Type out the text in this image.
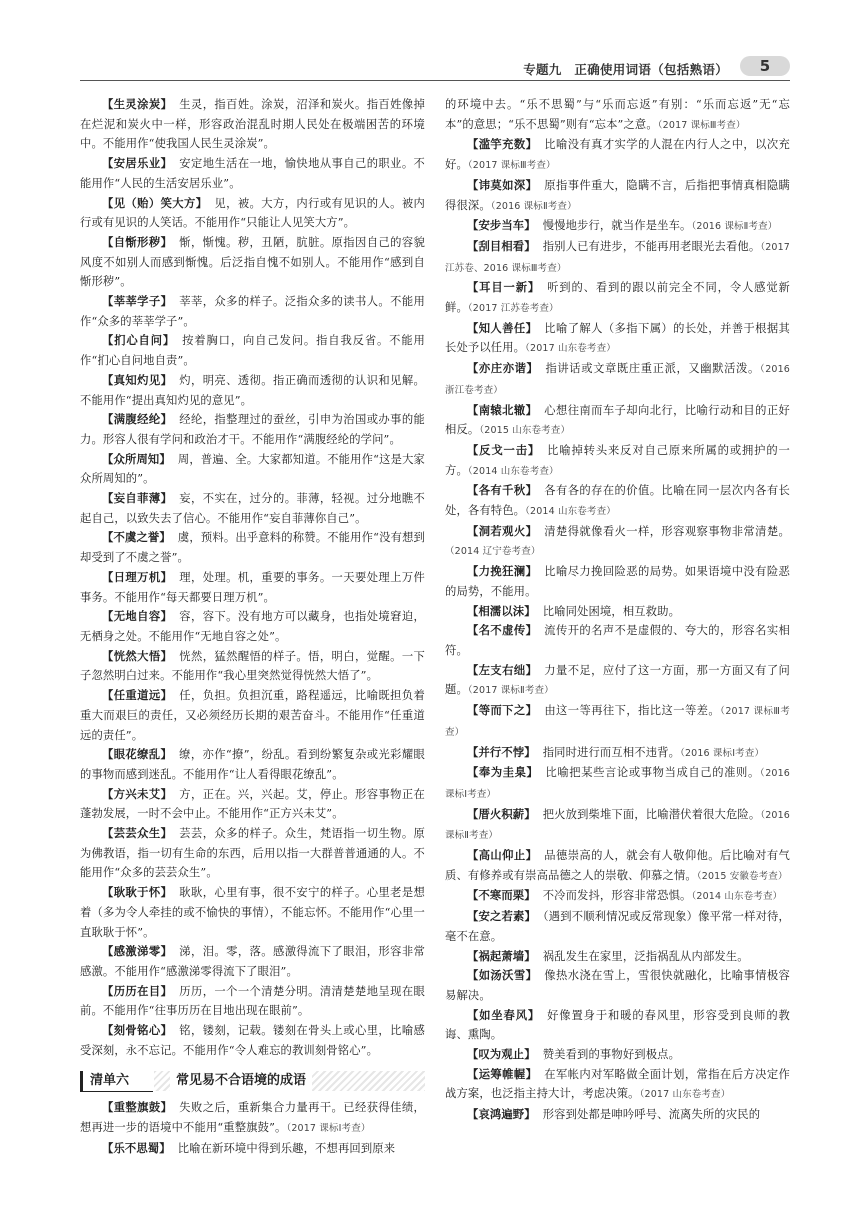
专题九　正确使用词语（包括熟语）	5

【生灵涂炭】 生灵，指百姓。涂炭，沼泽和炭火。指百姓像掉在烂泥和炭火中一样，形容政治混乱时期人民处在极端困苦的环境中。不能用作“使我国人民生灵涂炭”。

【安居乐业】 安定地生活在一地，愉快地从事自己的职业。不能用作“人民的生活安居乐业”。

【见（贻）笑大方】 见，被。大方，内行或有见识的人。被内行或有见识的人笑话。不能用作“只能让人见笑大方”。

【自惭形秽】 惭，惭愧。秽，丑陋，肮脏。原指因自己的容貌风度不如别人而感到惭愧。后泛指自愧不如别人。不能用作“感到自惭形秽”。

【莘莘学子】 莘莘，众多的样子。泛指众多的读书人。不能用作“众多的莘莘学子”。

【扪心自问】 按着胸口，向自己发问。指自我反省。不能用作“扪心自问地自责”。

【真知灼见】 灼，明亮、透彻。指正确而透彻的认识和见解。不能用作“提出真知灼见的意见”。

【满腹经纶】 经纶，指整理过的蚕丝，引申为治国或办事的能力。形容人很有学问和政治才干。不能用作“满腹经纶的学问”。

【众所周知】 周，普遍、全。大家都知道。不能用作“这是大家众所周知的”。

【妄自菲薄】 妄，不实在，过分的。菲薄，轻视。过分地瞧不起自己，以致失去了信心。不能用作“妄自菲薄你自己”。

【不虞之誉】 虞，预料。出乎意料的称赞。不能用作“没有想到却受到了不虞之誉”。

【日理万机】 理，处理。机，重要的事务。一天要处理上万件事务。不能用作“每天都要日理万机”。

【无地自容】 容，容下。没有地方可以藏身，也指处境窘迫，无栖身之处。不能用作“无地自容之处”。

【恍然大悟】 恍然，猛然醒悟的样子。悟，明白，觉醒。一下子忽然明白过来。不能用作“我心里突然觉得恍然大悟了”。

【任重道远】 任，负担。负担沉重，路程遥远，比喻既担负着重大而艰巨的责任，又必须经历长期的艰苦奋斗。不能用作“任重道远的责任”。

【眼花缭乱】 缭，亦作“撩”，纷乱。看到纷繁复杂或光彩耀眼的事物而感到迷乱。不能用作“让人看得眼花缭乱”。

【方兴未艾】 方，正在。兴，兴起。艾，停止。形容事物正在蓬勃发展，一时不会中止。不能用作“正方兴未艾”。

【芸芸众生】 芸芸，众多的样子。众生，梵语指一切生物。原为佛教语，指一切有生命的东西，后用以指一大群普普通通的人。不能用作“众多的芸芸众生”。

【耿耿于怀】 耿耿，心里有事，很不安宁的样子。心里老是想着（多为令人牵挂的或不愉快的事情），不能忘怀。不能用作“心里一直耿耿于怀”。

【感激涕零】 涕，泪。零，落。感激得流下了眼泪，形容非常感激。不能用作“感激涕零得流下了眼泪”。

【历历在目】 历历，一个一个清楚分明。清清楚楚地呈现在眼前。不能用作“往事历历在目地出现在眼前”。

【刻骨铭心】 铭，镂刻，记载。镂刻在骨头上或心里，比喻感受深刻，永不忘记。不能用作“令人难忘的教训刻骨铭心”。

清单六	常见易不合语境的成语

【重整旗鼓】 失败之后，重新集合力量再干。已经获得佳绩，想再进一步的语境中不能用“重整旗鼓”。（2017 课标Ⅰ考查）

【乐不思蜀】 比喻在新环境中得到乐趣，不想再回到原来

的环境中去。“乐不思蜀”与“乐而忘返”有别：“乐而忘返”无“忘本”的意思；“乐不思蜀”则有“忘本”之意。（2017 课标Ⅲ考查）

【滥竽充数】 比喻没有真才实学的人混在内行人之中，以次充好。（2017 课标Ⅲ考查）

【讳莫如深】 原指事件重大，隐瞒不言，后指把事情真相隐瞒得很深。（2016 课标Ⅱ考查）

【安步当车】 慢慢地步行，就当作是坐车。（2016 课标Ⅱ考查）

【刮目相看】 指别人已有进步，不能再用老眼光去看他。（2017 江苏卷、2016 课标Ⅲ考查）

【耳目一新】 听到的、看到的跟以前完全不同，令人感觉新鲜。（2017 江苏卷考查）

【知人善任】 比喻了解人（多指下属）的长处，并善于根据其长处予以任用。（2017 山东卷考查）

【亦庄亦谐】 指讲话或文章既庄重正派，又幽默活泼。（2016 浙江卷考查）

【南辕北辙】 心想往南而车子却向北行，比喻行动和目的正好相反。（2015 山东卷考查）

【反戈一击】 比喻掉转头来反对自己原来所属的或拥护的一方。（2014 山东卷考查）

【各有千秋】 各有各的存在的价值。比喻在同一层次内各有长处，各有特色。（2014 山东卷考查）

【洞若观火】 清楚得就像看火一样，形容观察事物非常清楚。（2014 辽宁卷考查）

【力挽狂澜】 比喻尽力挽回险恶的局势。如果语境中没有险恶的局势，不能用。

【相濡以沫】 比喻同处困境，相互救助。

【名不虚传】 流传开的名声不是虚假的、夸大的，形容名实相符。

【左支右绌】 力量不足，应付了这一方面，那一方面又有了问题。（2017 课标Ⅱ考查）

【等而下之】 由这一等再往下，指比这一等差。（2017 课标Ⅲ考查）

【并行不悖】 指同时进行而互相不违背。（2016 课标Ⅰ考查）

【奉为圭臬】 比喻把某些言论或事物当成自己的准则。（2016 课标Ⅰ考查）

【厝火积薪】 把火放到柴堆下面，比喻潜伏着很大危险。（2016 课标Ⅱ考查）

【高山仰止】 品德崇高的人，就会有人敬仰他。后比喻对有气质、有修养或有崇高品德之人的崇敬、仰慕之情。（2015 安徽卷考查）

【不寒而栗】 不冷而发抖，形容非常恐惧。（2014 山东卷考查）

【安之若素】 （遇到不顺利情况或反常现象）像平常一样对待，毫不在意。

【祸起萧墙】 祸乱发生在家里，泛指祸乱从内部发生。

【如汤沃雪】 像热水浇在雪上，雪很快就融化，比喻事情极容易解决。

【如坐春风】 好像置身于和暖的春风里，形容受到良师的教诲、熏陶。

【叹为观止】 赞美看到的事物好到极点。

【运筹帷幄】 在军帐内对军略做全面计划，常指在后方决定作战方案，也泛指主持大计，考虑决策。（2017 山东卷考查）

【哀鸿遍野】 形容到处都是呻吟呼号、流离失所的灾民的
